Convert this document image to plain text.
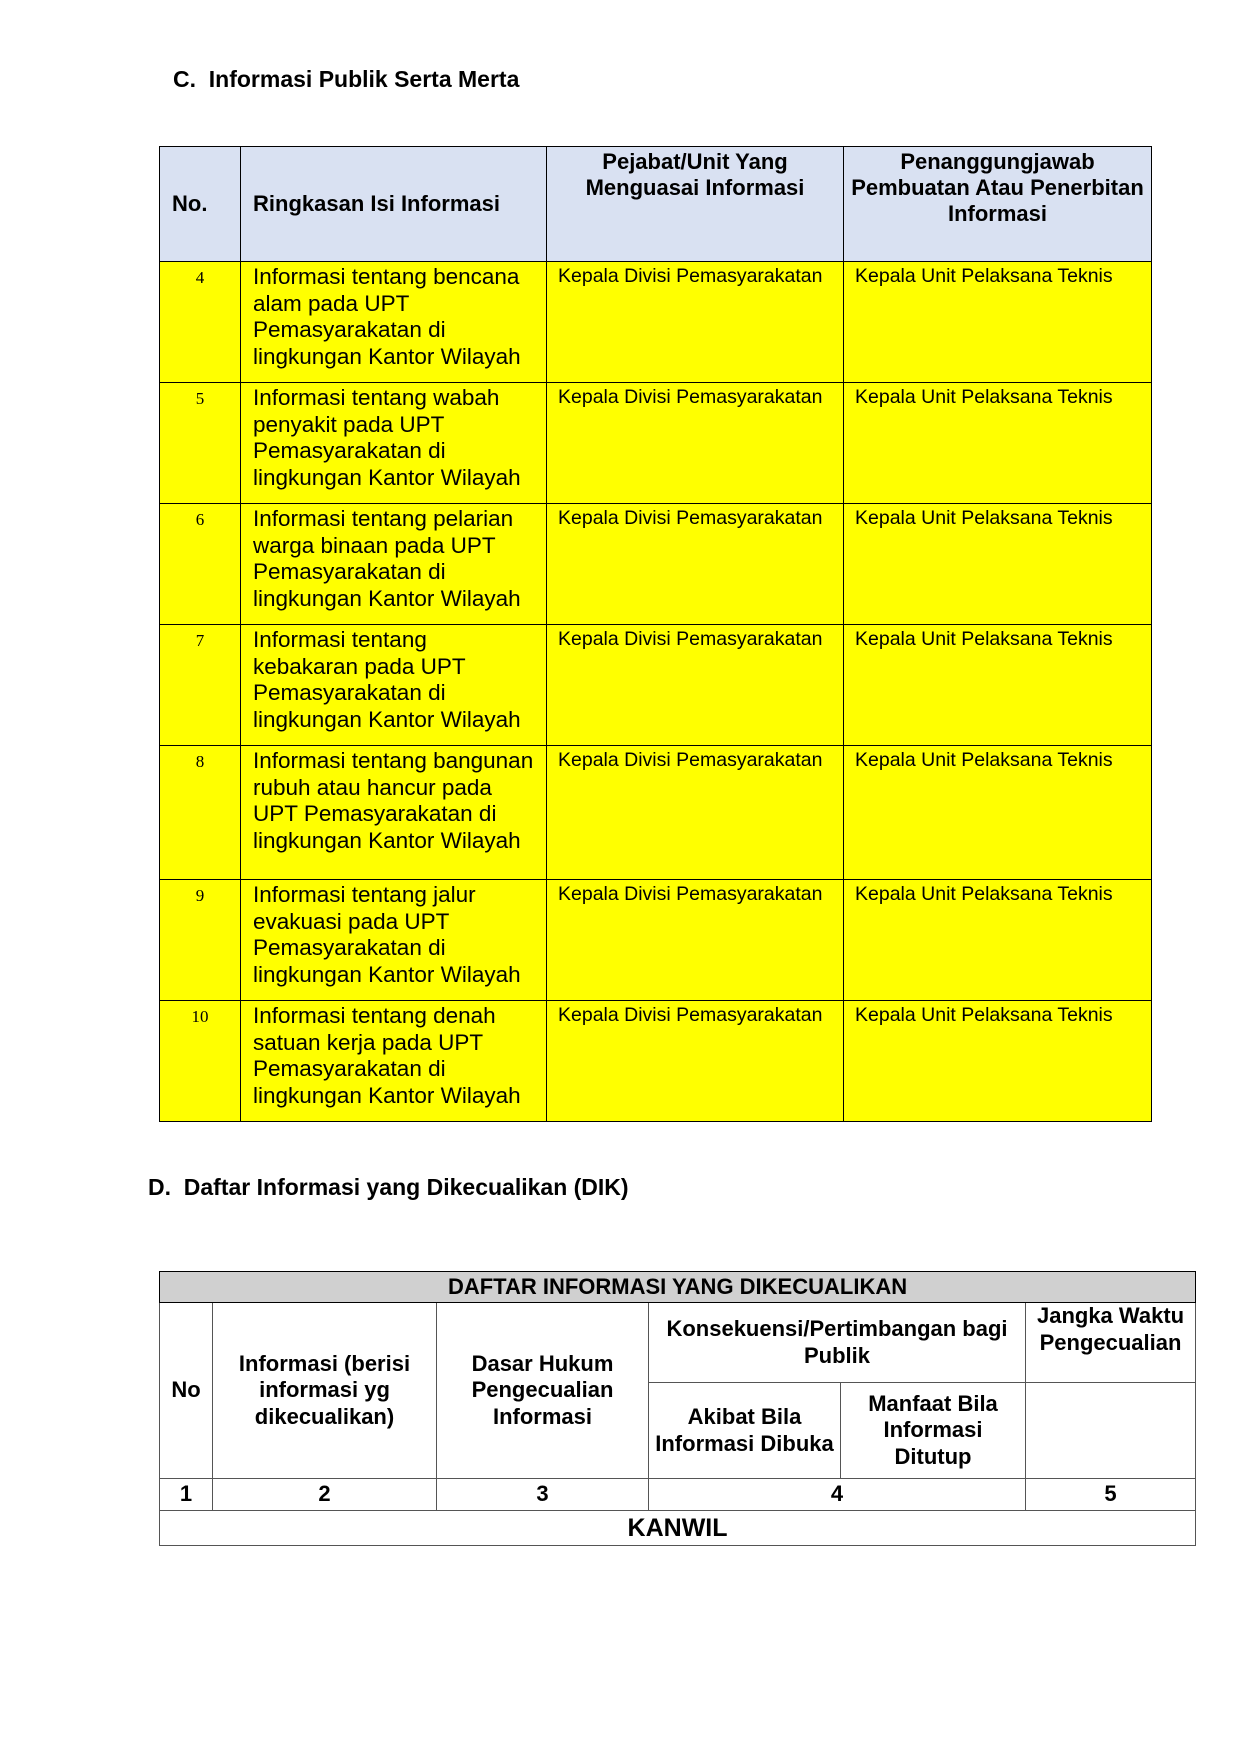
C.  Informasi Publik Serta Merta
No.	Ringkasan Isi Informasi	Pejabat/Unit Yang Menguasai Informasi	Penanggungjawab Pembuatan Atau Penerbitan Informasi
4	Informasi tentang bencana alam pada UPT Pemasyarakatan di lingkungan Kantor Wilayah	Kepala Divisi Pemasyarakatan	Kepala Unit Pelaksana Teknis
5	Informasi tentang wabah penyakit pada UPT Pemasyarakatan di lingkungan Kantor Wilayah	Kepala Divisi Pemasyarakatan	Kepala Unit Pelaksana Teknis
6	Informasi tentang pelarian warga binaan pada UPT Pemasyarakatan di lingkungan Kantor Wilayah	Kepala Divisi Pemasyarakatan	Kepala Unit Pelaksana Teknis
7	Informasi tentang kebakaran pada UPT Pemasyarakatan di lingkungan Kantor Wilayah	Kepala Divisi Pemasyarakatan	Kepala Unit Pelaksana Teknis
8	Informasi tentang bangunan rubuh atau hancur pada UPT Pemasyarakatan di lingkungan Kantor Wilayah	Kepala Divisi Pemasyarakatan	Kepala Unit Pelaksana Teknis
9	Informasi tentang jalur evakuasi pada UPT Pemasyarakatan di lingkungan Kantor Wilayah	Kepala Divisi Pemasyarakatan	Kepala Unit Pelaksana Teknis
10	Informasi tentang denah satuan kerja pada UPT Pemasyarakatan di lingkungan Kantor Wilayah	Kepala Divisi Pemasyarakatan	Kepala Unit Pelaksana Teknis
D.  Daftar Informasi yang Dikecualikan (DIK)
DAFTAR INFORMASI YANG DIKECUALIKAN					
No	Informasi (berisi informasi yg dikecualikan)	Dasar Hukum Pengecualian Informasi	Konsekuensi/Pertimbangan bagi Publik		Jangka Waktu Pengecualian
			Akibat Bila Informasi Dibuka	Manfaat Bila Informasi Ditutup	
1	2	3	4		5
KANWIL					
